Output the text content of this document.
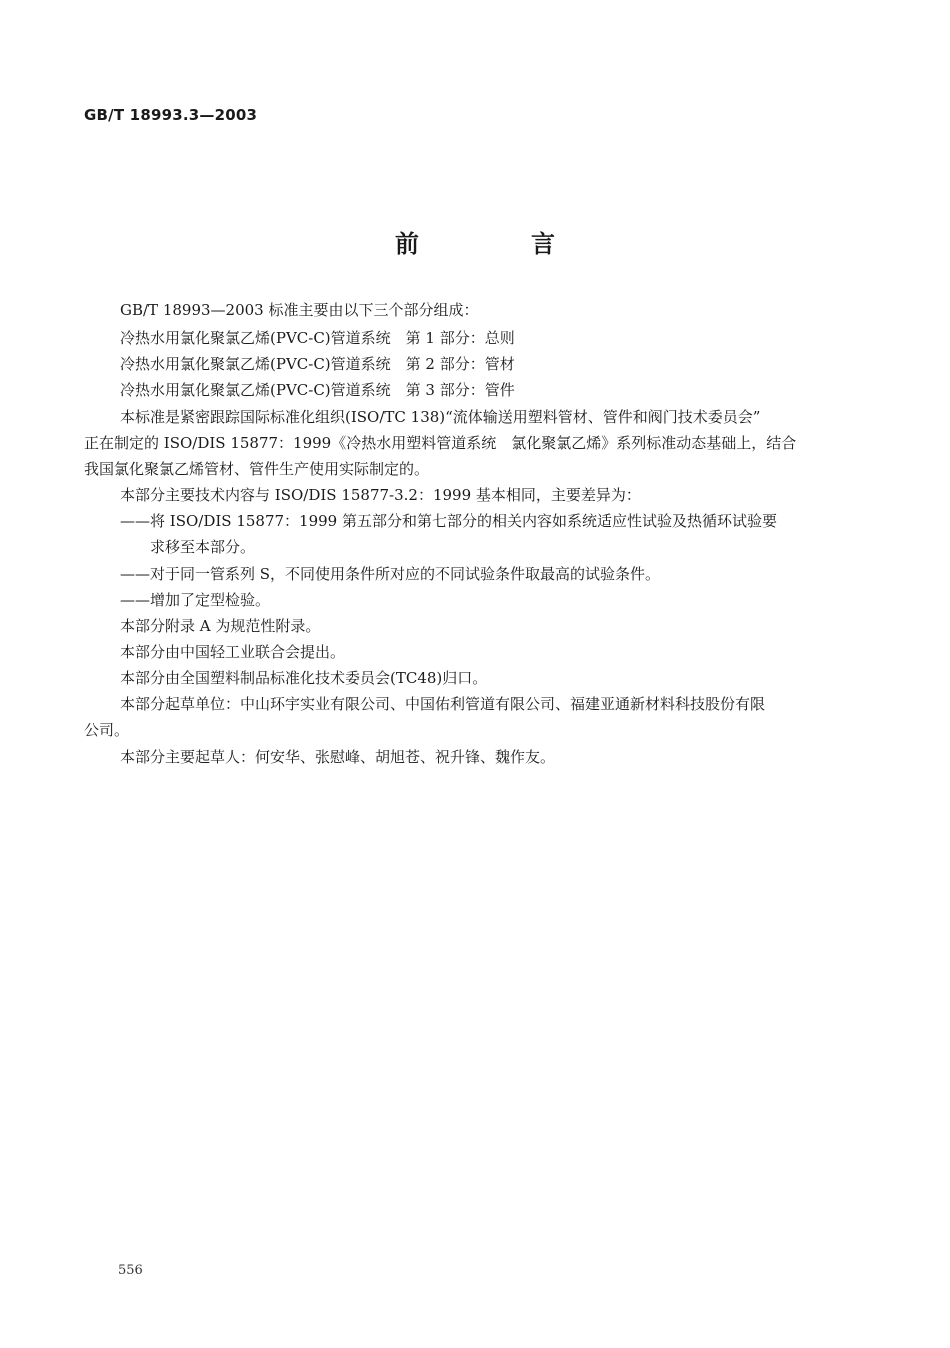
GB/T 18993.3—2003
前　言
GB/T 18993—2003 标准主要由以下三个部分组成：
冷热水用氯化聚氯乙烯(PVC-C)管道系统　第 1 部分：总则
冷热水用氯化聚氯乙烯(PVC-C)管道系统　第 2 部分：管材
冷热水用氯化聚氯乙烯(PVC-C)管道系统　第 3 部分：管件
本标准是紧密跟踪国际标准化组织(ISO/TC 138)“流体输送用塑料管材、管件和阀门技术委员会”
正在制定的 ISO/DIS 15877：1999《冷热水用塑料管道系统　氯化聚氯乙烯》系列标准动态基础上，结合
我国氯化聚氯乙烯管材、管件生产使用实际制定的。
本部分主要技术内容与 ISO/DIS 15877-3.2：1999 基本相同，主要差异为：
——将 ISO/DIS 15877：1999 第五部分和第七部分的相关内容如系统适应性试验及热循环试验要
求移至本部分。
——对于同一管系列 S，不同使用条件所对应的不同试验条件取最高的试验条件。
——增加了定型检验。
本部分附录 A 为规范性附录。
本部分由中国轻工业联合会提出。
本部分由全国塑料制品标准化技术委员会(TC48)归口。
本部分起草单位：中山环宇实业有限公司、中国佑利管道有限公司、福建亚通新材料科技股份有限
公司。
本部分主要起草人：何安华、张慰峰、胡旭苍、祝升锋、魏作友。
556
